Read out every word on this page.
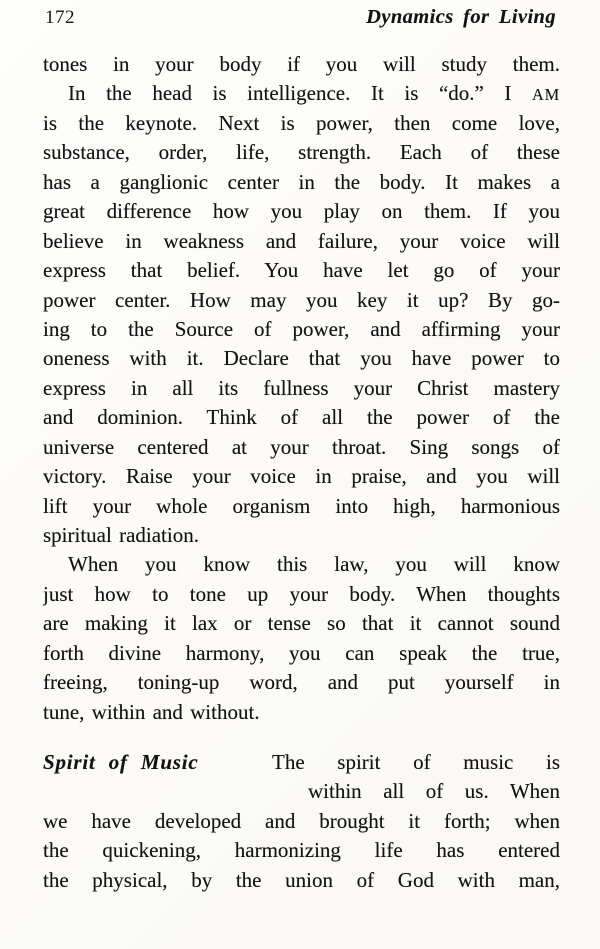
172	Dynamics for Living
tones in your body if you will study them.
In the head is intelligence. It is “do.” I AM
is the keynote. Next is power, then come love,
substance, order, life, strength. Each of these
has a ganglionic center in the body. It makes a
great difference how you play on them. If you
believe in weakness and failure, your voice will
express that belief. You have let go of your
power center. How may you key it up? By go-
ing to the Source of power, and affirming your
oneness with it. Declare that you have power to
express in all its fullness your Christ mastery
and dominion. Think of all the power of the
universe centered at your throat. Sing songs of
victory. Raise your voice in praise, and you will
lift your whole organism into high, harmonious
spiritual radiation.
When you know this law, you will know
just how to tone up your body. When thoughts
are making it lax or tense so that it cannot sound
forth divine harmony, you can speak the true,
freeing, toning-up word, and put yourself in
tune, within and without.
Spirit of Music	The spirit of music is
within all of us. When
we have developed and brought it forth; when
the quickening, harmonizing life has entered
the physical, by the union of God with man,
